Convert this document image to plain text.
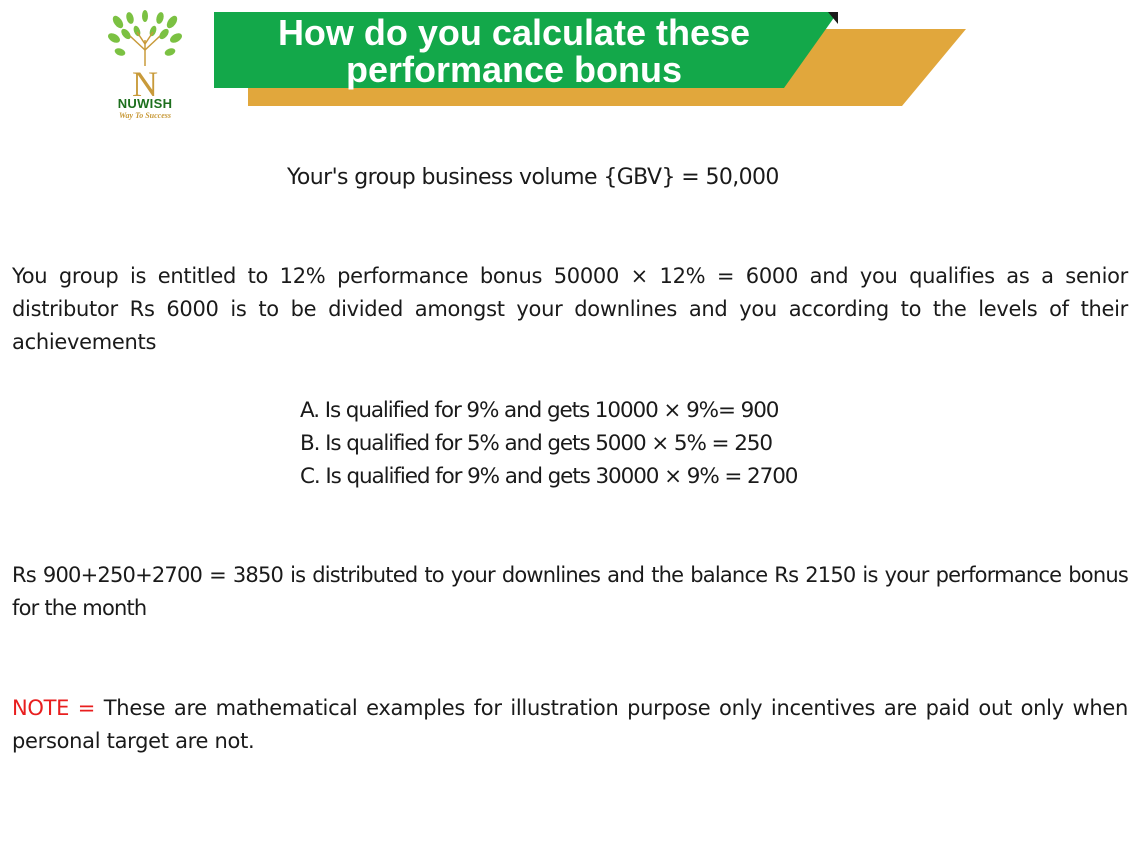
N
NUWISH
Way To Success
How do you calculate these
performance bonus
Your's group business volume {GBV} = 50,000
You group is entitled to 12% performance bonus 50000 × 12% = 6000 and you qualifies as a senior distributor Rs 6000 is to be divided amongst your downlines and you according to the levels of their achievements
A. Is qualified for 9% and gets 10000 × 9%= 900
B. Is qualified for 5% and gets 5000 × 5% = 250
C. Is qualified for 9% and gets 30000 × 9% = 2700
Rs 900+250+2700 = 3850 is distributed to your downlines and the balance Rs 2150 is your performance bonus for the month
NOTE = These are mathematical examples for illustration purpose only incentives are paid out only when personal target are not.
